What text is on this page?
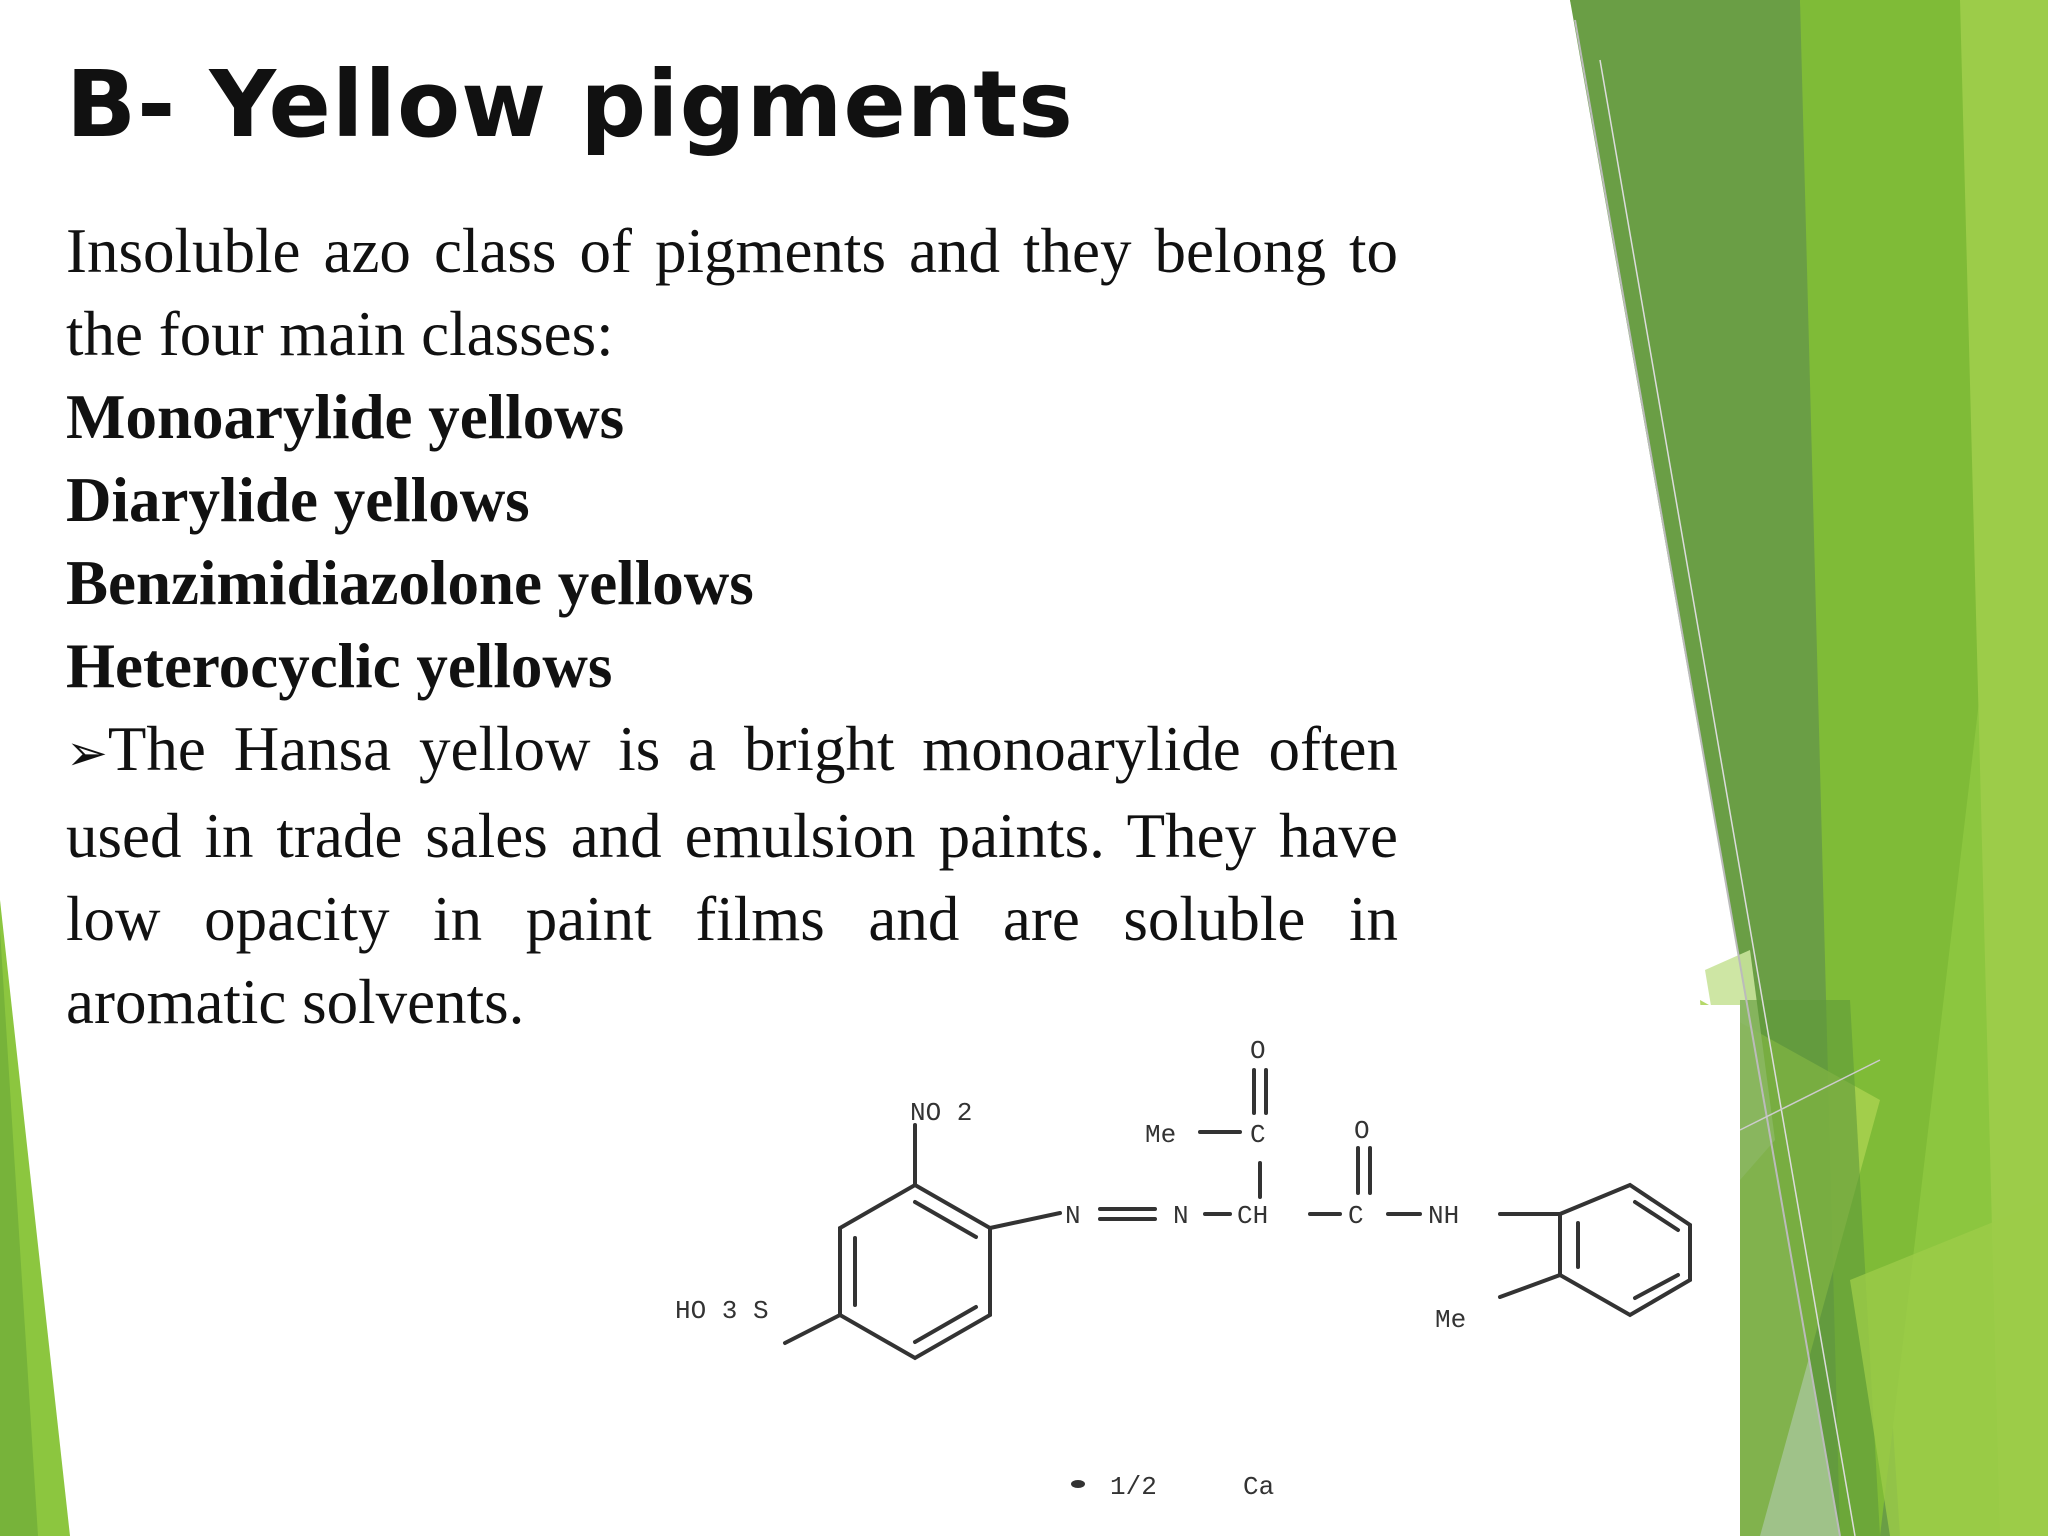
B- Yellow pigments

Insoluble azo class of pigments and they belong to the four main classes:

Monoarylide yellows

Diarylide yellows

Benzimidiazolone yellows

Heterocyclic yellows

➢The Hansa yellow is a bright monoarylide often used in trade sales and emulsion paints. They have low opacity in paint films and are soluble in aromatic solvents.

NO 2
HO 3 S
N	N CH	C NH
Me	C
O
O
Me
1/2	Ca
